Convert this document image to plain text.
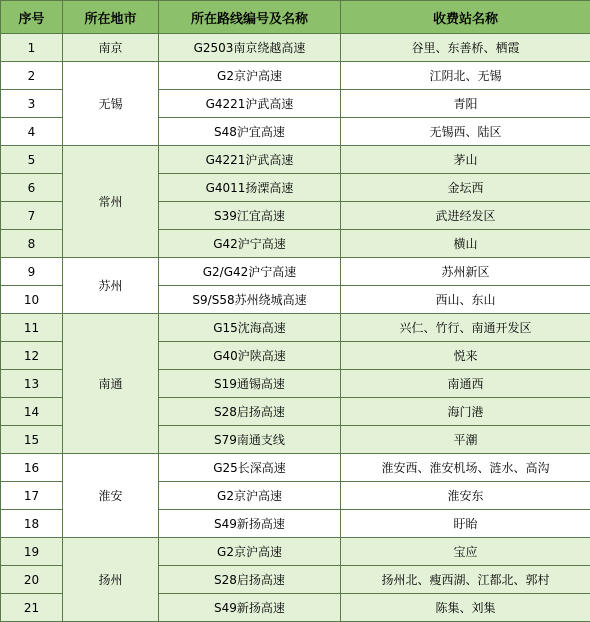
序号	所在地市	所在路线编号及名称	收费站名称
1	南京	G2503南京绕越高速	谷里、东善桥、栖霞
2	无锡	G2京沪高速	江阴北、无锡
3		G4221沪武高速	青阳
4		S48沪宜高速	无锡西、陆区
5	常州	G4221沪武高速	茅山
6		G4011扬溧高速	金坛西
7		S39江宜高速	武进经发区
8		G42沪宁高速	横山
9	苏州	G2/G42沪宁高速	苏州新区
10		S9/S58苏州绕城高速	西山、东山
11	南通	G15沈海高速	兴仁、竹行、南通开发区
12		G40沪陕高速	悦来
13		S19通锡高速	南通西
14		S28启扬高速	海门港
15		S79南通支线	平潮
16	淮安	G25长深高速	淮安西、淮安机场、涟水、高沟
17		G2京沪高速	淮安东
18		S49新扬高速	盱眙
19	扬州	G2京沪高速	宝应
20		S28启扬高速	扬州北、瘦西湖、江都北、郭村
21		S49新扬高速	陈集、刘集
